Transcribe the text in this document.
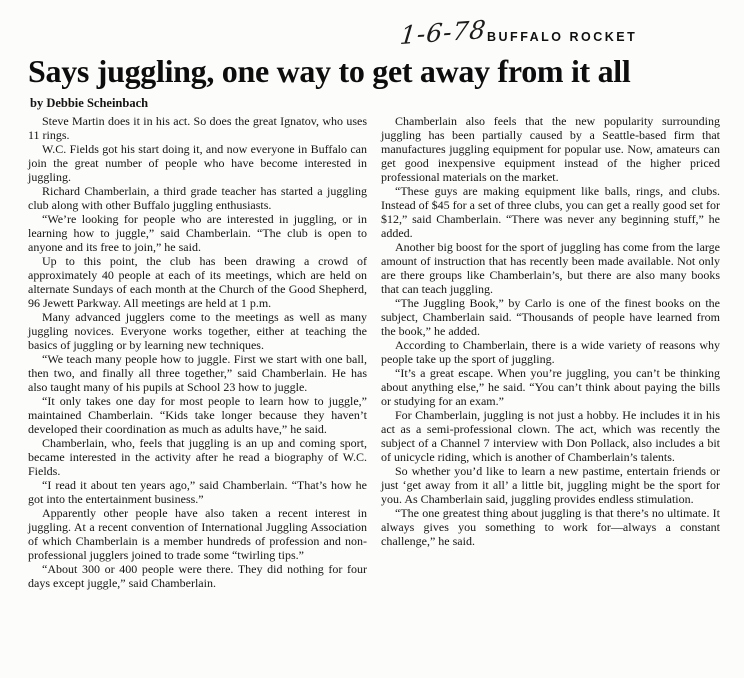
1-6-78 BUFFALO ROCKET
Says juggling, one way to get away from it all
by Debbie Scheinbach

Steve Martin does it in his act. So does the great Ignatov, who uses 11 rings.

W.C. Fields got his start doing it, and now everyone in Buffalo can join the great number of people who have become interested in juggling.

Richard Chamberlain, a third grade teacher has started a juggling club along with other Buffalo juggling enthusiasts.

“We’re looking for people who are interested in juggling, or in learning how to juggle,” said Chamberlain. “The club is open to anyone and its free to join,” he said.

Up to this point, the club has been drawing a crowd of approximately 40 people at each of its meetings, which are held on alternate Sundays of each month at the Church of the Good Shepherd, 96 Jewett Parkway. All meetings are held at 1 p.m.

Many advanced jugglers come to the meetings as well as many juggling novices. Everyone works together, either at teaching the basics of juggling or by learning new techniques.

“We teach many people how to juggle. First we start with one ball, then two, and finally all three together,” said Chamberlain. He has also taught many of his pupils at School 23 how to juggle.

“It only takes one day for most people to learn how to juggle,” maintained Chamberlain. “Kids take longer because they haven’t developed their coordination as much as adults have,” he said.

Chamberlain, who, feels that juggling is an up and coming sport, became interested in the activity after he read a biography of W.C. Fields.

“I read it about ten years ago,” said Chamberlain. “That’s how he got into the entertainment business.”

Apparently other people have also taken a recent interest in juggling. At a recent convention of International Juggling Association of which Chamberlain is a member hundreds of profession and non-professional jugglers joined to trade some “twirling tips.”

“About 300 or 400 people were there. They did nothing for four days except juggle,” said Chamberlain.

Chamberlain also feels that the new popularity surrounding juggling has been partially caused by a Seattle-based firm that manufactures juggling equipment for popular use. Now, amateurs can get good inexpensive equipment instead of the higher priced professional materials on the market.

“These guys are making equipment like balls, rings, and clubs. Instead of $45 for a set of three clubs, you can get a really good set for $12,” said Chamberlain. “There was never any beginning stuff,” he added.

Another big boost for the sport of juggling has come from the large amount of instruction that has recently been made available. Not only are there groups like Chamberlain’s, but there are also many books that can teach juggling.

“The Juggling Book,” by Carlo is one of the finest books on the subject, Chamberlain said. “Thousands of people have learned from the book,” he added.

According to Chamberlain, there is a wide variety of reasons why people take up the sport of juggling.

“It’s a great escape. When you’re juggling, you can’t be thinking about anything else,” he said. “You can’t think about paying the bills or studying for an exam.”

For Chamberlain, juggling is not just a hobby. He includes it in his act as a semi-professional clown. The act, which was recently the subject of a Channel 7 interview with Don Pollack, also includes a bit of unicycle riding, which is another of Chamberlain’s talents.

So whether you’d like to learn a new pastime, entertain friends or just ‘get away from it all’ a little bit, juggling might be the sport for you. As Chamberlain said, juggling provides endless stimulation.

“The one greatest thing about juggling is that there’s no ultimate. It always gives you something to work for—always a constant challenge,” he said.
